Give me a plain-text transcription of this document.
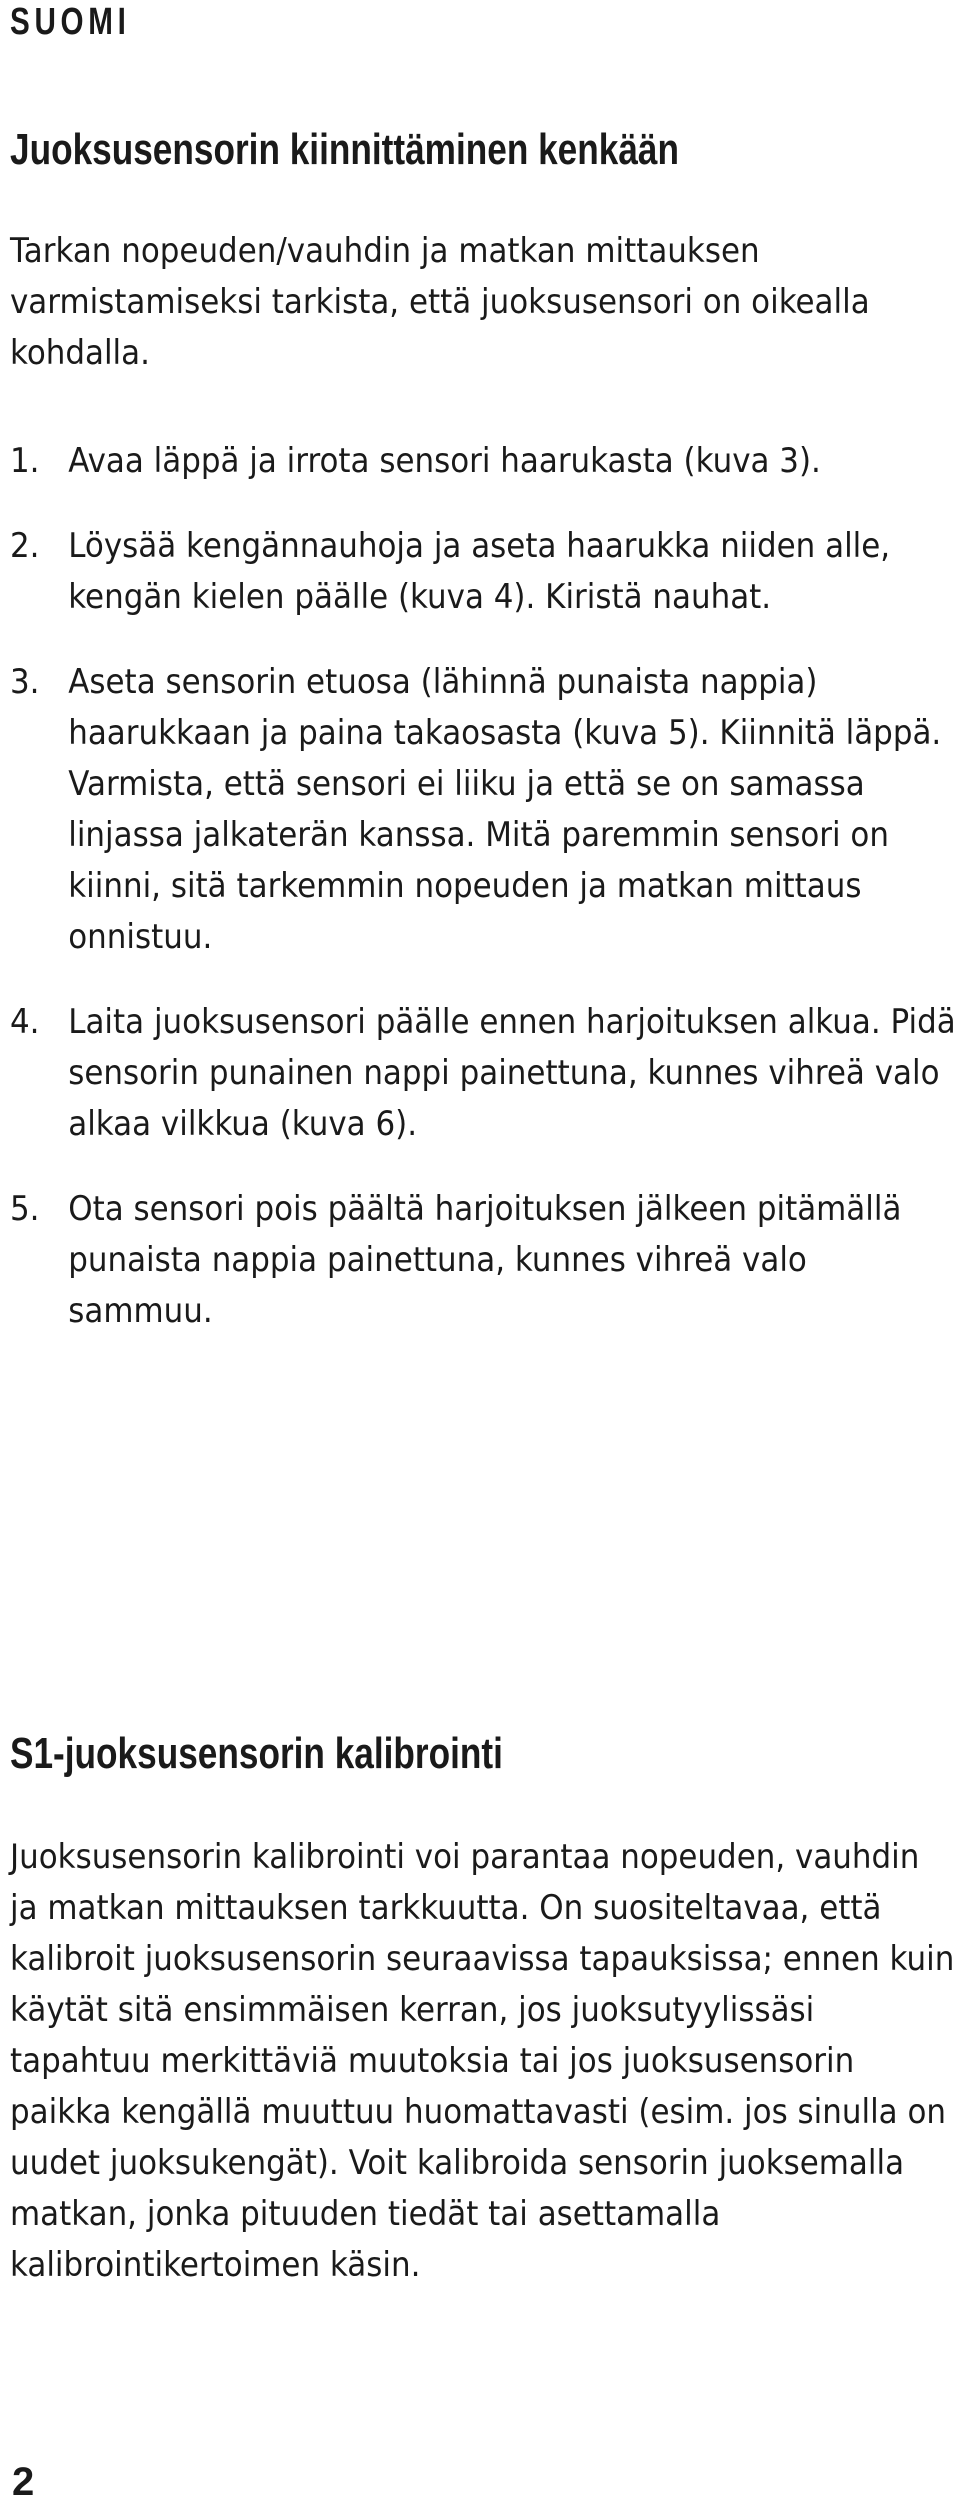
SUOMI
Juoksusensorin kiinnittäminen kenkään

Tarkan nopeuden/vauhdin ja matkan mittauksen varmistamiseksi tarkista, että juoksusensori on oikealla kohdalla.

1. Avaa läppä ja irrota sensori haarukasta (kuva 3).
2. Löysää kengännauhoja ja aseta haarukka niiden alle, kengän kielen päälle (kuva 4). Kiristä nauhat.
3. Aseta sensorin etuosa (lähinnä punaista nappia) haarukkaan ja paina takaosasta (kuva 5). Kiinnitä läppä. Varmista, että sensori ei liiku ja että se on samassa linjassa jalkaterän kanssa. Mitä paremmin sensori on kiinni, sitä tarkemmin nopeuden ja matkan mittaus onnistuu.
4. Laita juoksusensori päälle ennen harjoituksen alkua. Pidä sensorin punainen nappi painettuna, kunnes vihreä valo alkaa vilkkua (kuva 6).
5. Ota sensori pois päältä harjoituksen jälkeen pitämällä punaista nappia painettuna, kunnes vihreä valo sammuu.
S1-juoksusensorin kalibrointi

Juoksusensorin kalibrointi voi parantaa nopeuden, vauhdin ja matkan mittauksen tarkkuutta. On suositeltavaa, että kalibroit juoksusensorin seuraavissa tapauksissa; ennen kuin käytät sitä ensimmäisen kerran, jos juoksutyylissäsi tapahtuu merkittäviä muutoksia tai jos juoksusensorin paikka kengällä muuttuu huomattavasti (esim. jos sinulla on uudet juoksukengät). Voit kalibroida sensorin juoksemalla matkan, jonka pituuden tiedät tai asettamalla kalibrointikertoimen käsin.

2
